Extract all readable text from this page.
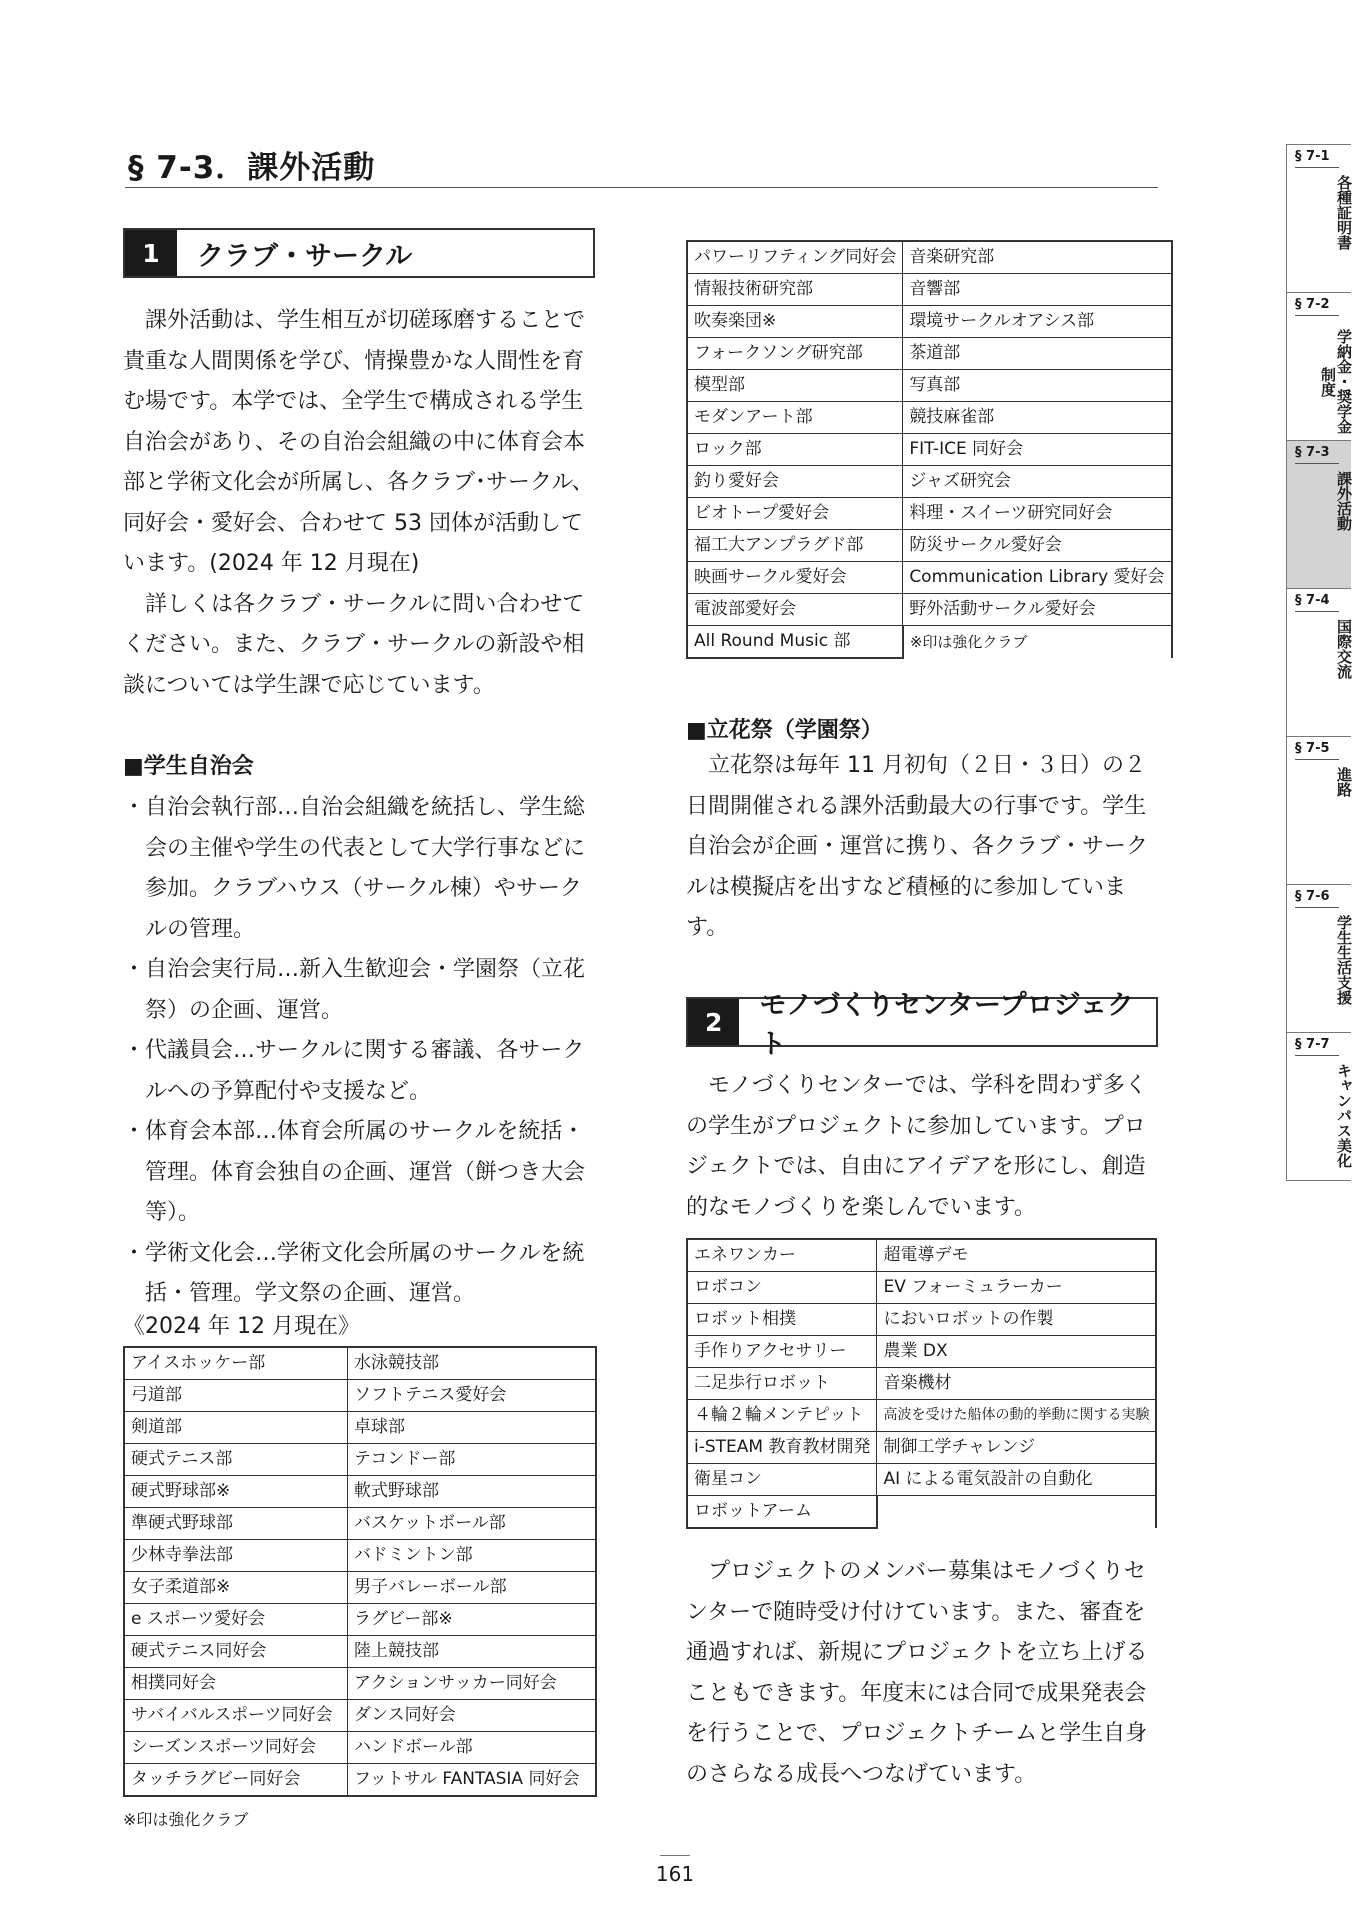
§ 7-3．課外活動
1	クラブ・サークル

課外活動は、学生相互が切磋琢磨することで貴重な人間関係を学び、情操豊かな人間性を育む場です。本学では、全学生で構成される学生自治会があり、その自治会組織の中に体育会本部と学術文化会が所属し、各クラブ･サークル、同好会・愛好会、合わせて 53 団体が活動しています。(2024 年 12 月現在)

詳しくは各クラブ・サークルに問い合わせてください。また、クラブ・サークルの新設や相談については学生課で応じています。

■学生自治会
・自治会執行部…自治会組織を統括し、学生総会の主催や学生の代表として大学行事などに参加。クラブハウス（サークル棟）やサークルの管理。
・自治会実行局…新入生歓迎会・学園祭（立花祭）の企画、運営。
・代議員会…サークルに関する審議、各サークルへの予算配付や支援など。
・体育会本部…体育会所属のサークルを統括・管理。体育会独自の企画、運営（餅つき大会等）。
・学術文化会…学術文化会所属のサークルを統括・管理。学文祭の企画、運営。
《2024 年 12 月現在》
アイスホッケー部	水泳競技部
弓道部	ソフトテニス愛好会
剣道部	卓球部
硬式テニス部	テコンドー部
硬式野球部※	軟式野球部
準硬式野球部	バスケットボール部
少林寺拳法部	バドミントン部
女子柔道部※	男子バレーボール部
e スポーツ愛好会	ラグビー部※
硬式テニス同好会	陸上競技部
相撲同好会	アクションサッカー同好会
サバイバルスポーツ同好会	ダンス同好会
シーズンスポーツ同好会	ハンドボール部
タッチラグビー同好会	フットサル FANTASIA 同好会
※印は強化クラブ
パワーリフティング同好会	音楽研究部
情報技術研究部	音響部
吹奏楽団※	環境サークルオアシス部
フォークソング研究部	茶道部
模型部	写真部
モダンアート部	競技麻雀部
ロック部	FIT-ICE 同好会
釣り愛好会	ジャズ研究会
ビオトープ愛好会	料理・スイーツ研究同好会
福工大アンプラグド部	防災サークル愛好会
映画サークル愛好会	Communication Library 愛好会
電波部愛好会	野外活動サークル愛好会
All Round Music 部	※印は強化クラブ
■立花祭（学園祭）

立花祭は毎年 11 月初旬（２日・３日）の２日間開催される課外活動最大の行事です。学生自治会が企画・運営に携り、各クラブ・サークルは模擬店を出すなど積極的に参加しています。

2
モノづくりセンタープロジェクト

モノづくりセンターでは、学科を問わず多くの学生がプロジェクトに参加しています。プロジェクトでは、自由にアイデアを形にし、創造的なモノづくりを楽しんでいます。

エネワンカー	超電導デモ
ロボコン	EV フォーミュラーカー
ロボット相撲	においロボットの作製
手作りアクセサリー	農業 DX
二足歩行ロボット	音楽機材
４輪２輪メンテピット	高波を受けた船体の動的挙動に関する実験
i-STEAM 教育教材開発	制御工学チャレンジ
衛星コン	AI による電気設計の自動化
ロボットアーム	

プロジェクトのメンバー募集はモノづくりセンターで随時受け付けています。また、審査を通過すれば、新規にプロジェクトを立ち上げることもできます。年度末には合同で成果発表会を行うことで、プロジェクトチームと学生自身のさらなる成長へつなげています。

161
§ 7-1
各種証明書
§ 7-2
学納金・奨学金制度
§ 7-3
課外活動
§ 7-4
国際交流
§ 7-5
進路
§ 7-6
学生生活支援
§ 7-7
キャンパス美化
